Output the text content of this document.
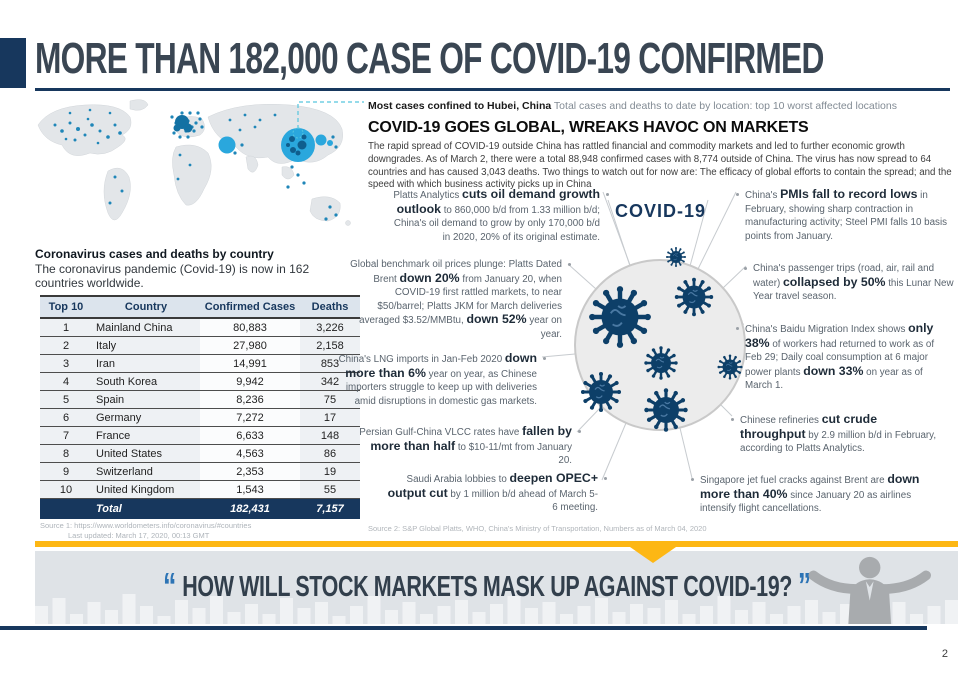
MORE THAN 182,000 CASE OF COVID-19 CONFIRMED
Coronavirus cases and deaths by country
The coronavirus pandemic (Covid-19) is now in 162 countries worldwide.
Top 10	Country	Confirmed Cases	Deaths
1	Mainland China	80,883	3,226
2	Italy	27,980	2,158
3	Iran	14,991	853
4	South Korea	9,942	342
5	Spain	8,236	75
6	Germany	7,272	17
7	France	6,633	148
8	United States	4,563	86
9	Switzerland	2,353	19
10	United Kingdom	1,543	55
	Total	182,431	7,157
Source 1: https://www.worldometers.info/coronavirus/#countries
Last updated: March 17, 2020, 00:13 GMT
Most cases confined to Hubei, China Total cases and deaths to date by location: top 10 worst affected locations
COVID-19 GOES GLOBAL, WREAKS HAVOC ON MARKETS
The rapid spread of COVID-19 outside China has rattled financial and commodity markets and led to further economic growth downgrades. As of March 2, there were a total 88,948 confirmed cases with 8,774 outside of China. The virus has now spread to 64 countries and has caused 3,043 deaths. Two things to watch out for now are: The efficacy of global efforts to contain the spread; and the speed with which business activity picks up in China
COVID-19
Platts Analytics cuts oil demand growth outlook to 860,000 b/d from 1.33 million b/d; China's oil demand to grow by only 170,000 b/d in 2020, 20% of its original estimate.
Global benchmark oil prices plunge: Platts Dated Brent down 20% from January 20, when COVID-19 first rattled markets, to near $50/barrel; Platts JKM for March deliveries averaged $3.52/MMBtu, down 52% year on year.
China's LNG imports in Jan-Feb 2020 down more than 6% year on year, as Chinese importers struggle to keep up with deliveries amid disruptions in domestic gas markets.
Persian Gulf-China VLCC rates have fallen by more than half to $10-11/mt from January 20.
Saudi Arabia lobbies to deepen OPEC+ output cut by 1 million b/d ahead of March 5-6 meeting.
China's PMIs fall to record lows in February, showing sharp contraction in manufacturing activity; Steel PMI falls 10 basis points from January.
China's passenger trips (road, air, rail and water) collapsed by 50% this Lunar New Year travel season.
China's Baidu Migration Index shows only 38% of workers had returned to work as of Feb 29; Daily coal consumption at 6 major power plants down 33% on year as of March 1.
Chinese refineries cut crude throughput by 2.9 million b/d in February, according to Platts Analytics.
Singapore jet fuel cracks against Brent are down more than 40% since January 20 as airlines intensify flight cancellations.
Source 2: S&P Global Platts, WHO, China's Ministry of Transportation, Numbers as of March 04, 2020
“ HOW WILL STOCK MARKETS MASK UP AGAINST COVID-19? ”
2
